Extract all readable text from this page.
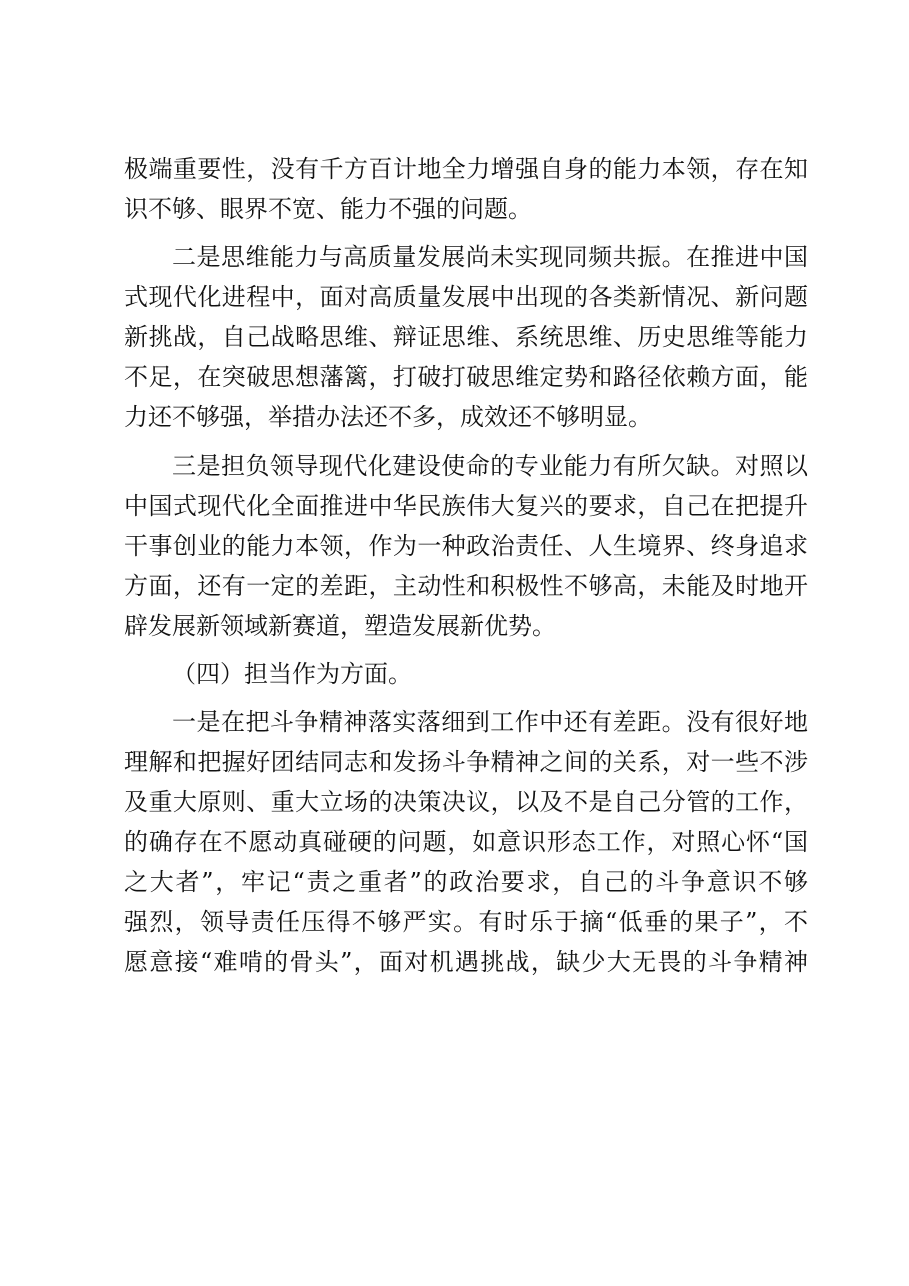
极端重要性，没有千方百计地全力增强自身的能力本领，存在知

识不够、眼界不宽、能力不强的问题。

二是思维能力与高质量发展尚未实现同频共振。在推进中国

式现代化进程中，面对高质量发展中出现的各类新情况、新问题

新挑战，自己战略思维、辩证思维、系统思维、历史思维等能力

不足，在突破思想藩篱，打破打破思维定势和路径依赖方面，能

力还不够强，举措办法还不多，成效还不够明显。

三是担负领导现代化建设使命的专业能力有所欠缺。对照以

中国式现代化全面推进中华民族伟大复兴的要求，自己在把提升

干事创业的能力本领，作为一种政治责任、人生境界、终身追求

方面，还有一定的差距，主动性和积极性不够高，未能及时地开

辟发展新领域新赛道，塑造发展新优势。

（四）担当作为方面。

一是在把斗争精神落实落细到工作中还有差距。没有很好地

理解和把握好团结同志和发扬斗争精神之间的关系，对一些不涉

及重大原则、重大立场的决策决议，以及不是自己分管的工作，

的确存在不愿动真碰硬的问题，如意识形态工作，对照心怀“国

之大者”，牢记“责之重者”的政治要求，自己的斗争意识不够

强烈，领导责任压得不够严实。有时乐于摘“低垂的果子”，不

愿意接“难啃的骨头”，面对机遇挑战，缺少大无畏的斗争精神
